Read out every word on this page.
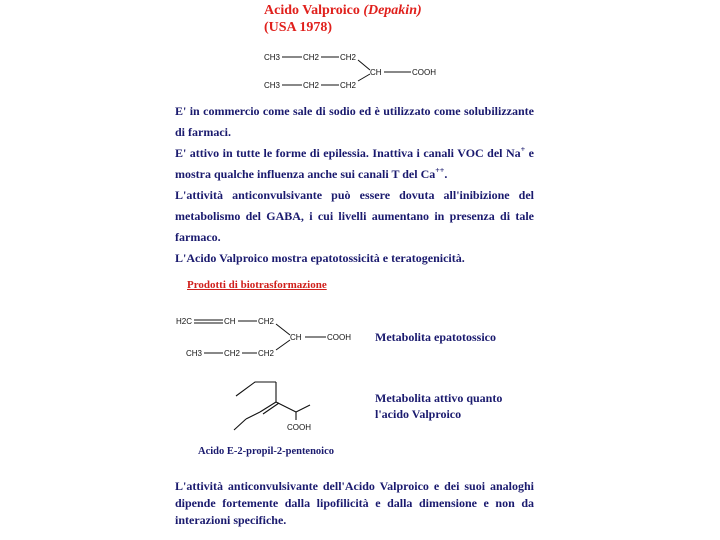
Acido Valproico (Depakin)
(USA 1978)
CH3	CH2	CH2
CH3	CH2	CH2
CH	COOH

E' in commercio come sale di sodio ed è utilizzato come solubilizzante di farmaci.

E' attivo in tutte le forme di epilessia. Inattiva i canali VOC del Na+ e mostra qualche influenza anche sui canali T del Ca++.

L'attività anticonvulsivante può essere dovuta all'inibizione del metabolismo del GABA, i cui livelli aumentano in presenza di tale farmaco.

L'Acido Valproico mostra epatotossicità e teratogenicità.

Prodotti di biotrasformazione
H2C	CH	CH2
CH3	CH2 CH2
CH	COOH Metabolita epatotossico
COOH
Metabolita attivo quanto l'acido Valproico
Acido E-2-propil-2-pentenoico

L'attività anticonvulsivante dell'Acido Valproico e dei suoi analoghi dipende fortemente dalla lipofilicità e dalla dimensione e non da interazioni specifiche.
